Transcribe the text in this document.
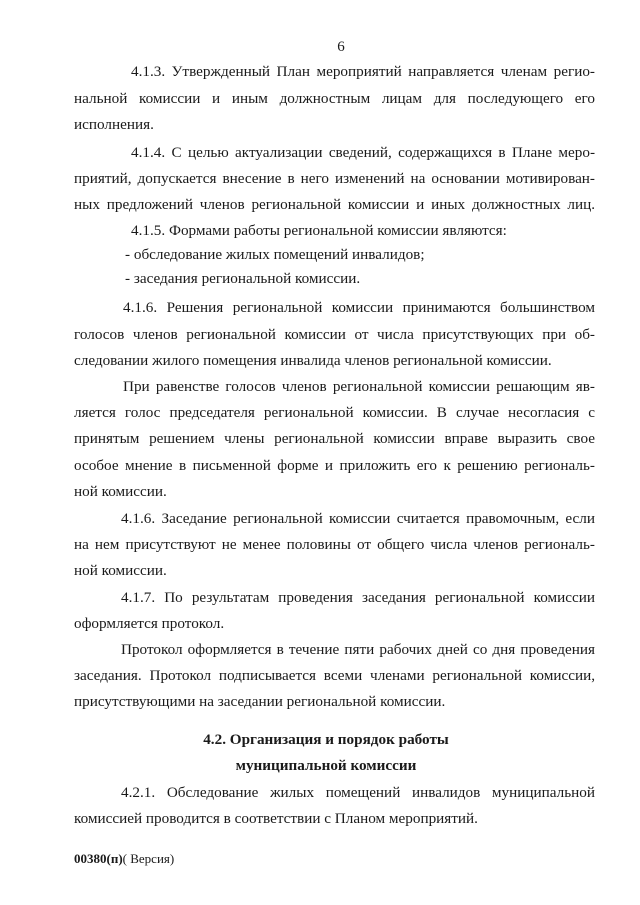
6
4.1.3. Утвержденный План мероприятий направляется членам регио-
нальной комиссии и иным должностным лицам для последующего его
исполнения.
4.1.4. С целью актуализации сведений, содержащихся в Плане меро-
приятий, допускается внесение в него изменений на основании мотивирован-
ных предложений членов региональной комиссии и иных должностных лиц.
4.1.5. Формами работы региональной комиссии являются:
- обследование жилых помещений инвалидов;
- заседания региональной комиссии.
4.1.6. Решения региональной комиссии принимаются большинством
голосов членов региональной комиссии от числа присутствующих при об-
следовании жилого помещения инвалида членов региональной комиссии.
При равенстве голосов членов региональной комиссии решающим яв-
ляется голос председателя региональной комиссии. В случае несогласия с
принятым решением члены региональной комиссии вправе выразить свое
особое мнение в письменной форме и приложить его к решению региональ-
ной комиссии.
4.1.6. Заседание региональной комиссии считается правомочным, если
на нем присутствуют не менее половины от общего числа членов региональ-
ной комиссии.
4.1.7. По результатам проведения заседания региональной комиссии
оформляется протокол.
Протокол оформляется в течение пяти рабочих дней со дня проведения
заседания. Протокол подписывается всеми членами региональной комиссии,
присутствующими на заседании региональной комиссии.
4.2. Организация и порядок работы
муниципальной комиссии
4.2.1. Обследование жилых помещений инвалидов муниципальной
комиссией проводится в соответствии с Планом мероприятий.
00380(п)( Версия)
